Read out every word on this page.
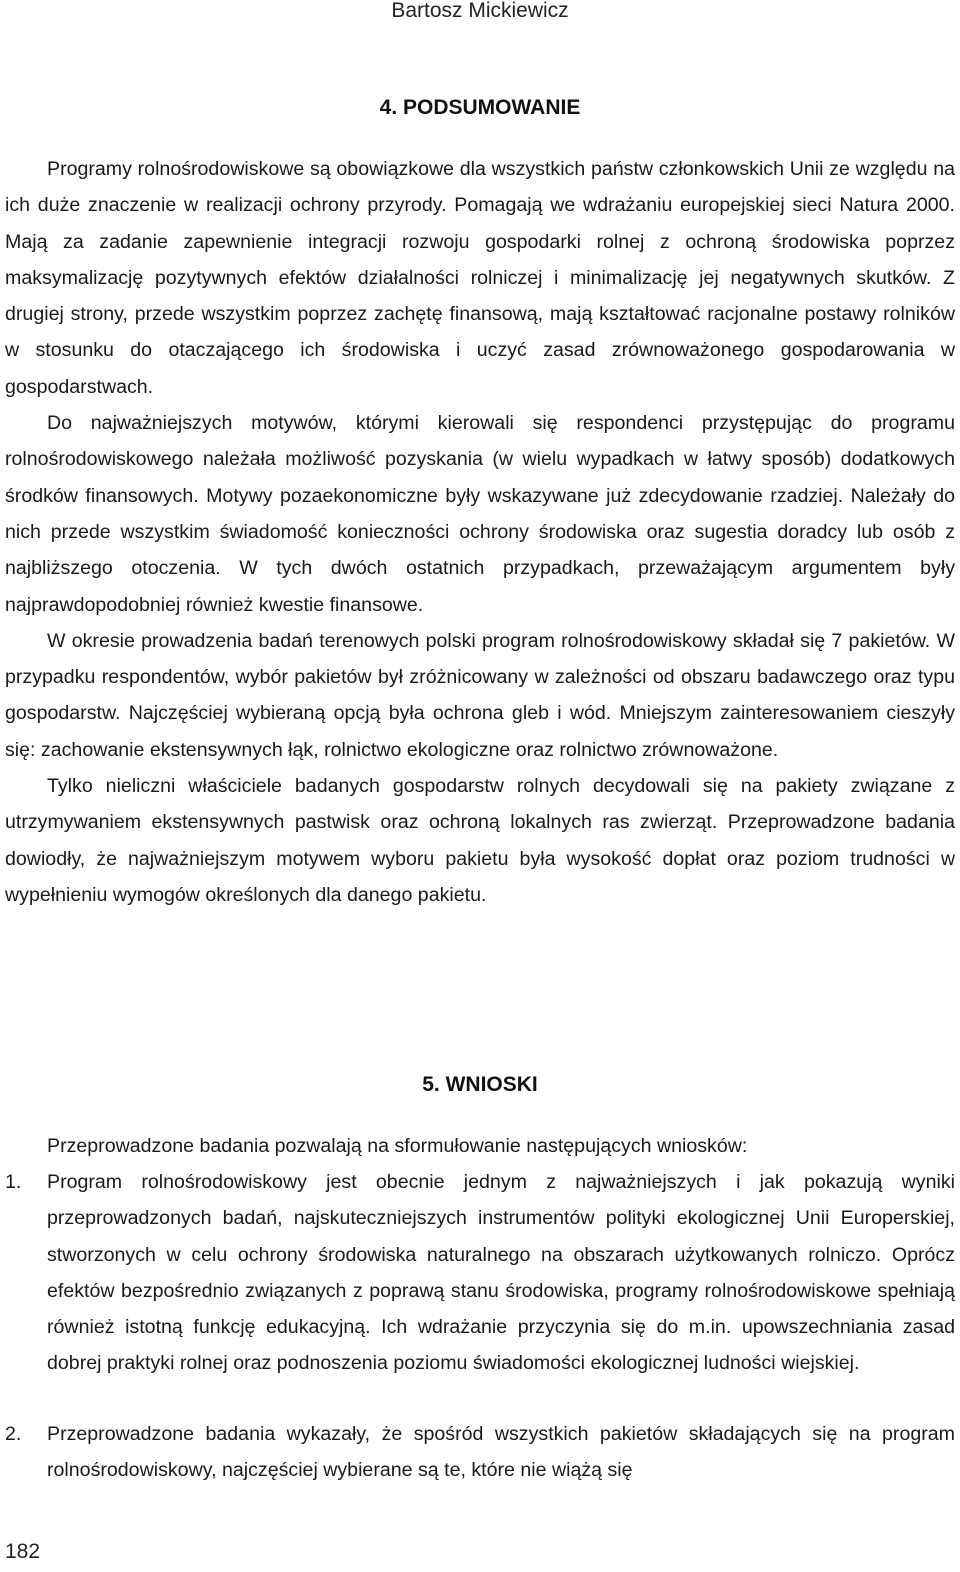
Bartosz Mickiewicz
4. PODSUMOWANIE

Programy rolnośrodowiskowe są obowiązkowe dla wszystkich państw członkowskich Unii ze względu na ich duże znaczenie w realizacji ochrony przyrody. Pomagają we wdrażaniu europejskiej sieci Natura 2000. Mają za zadanie zapewnienie integracji rozwoju gospodarki rolnej z ochroną środowiska poprzez maksymalizację pozytywnych efektów działalności rolniczej i minimalizację jej negatywnych skutków. Z drugiej strony, przede wszystkim poprzez zachętę finansową, mają kształtować racjonalne postawy rolników w stosunku do otaczającego ich środowiska i uczyć zasad zrównoważonego gospodarowania w gospodarstwach.

Do najważniejszych motywów, którymi kierowali się respondenci przystępując do programu rolnośrodowiskowego należała możliwość pozyskania (w wielu wypadkach w łatwy sposób) dodatkowych środków finansowych. Motywy pozaekonomiczne były wskazywane już zdecydowanie rzadziej. Należały do nich przede wszystkim świadomość konieczności ochrony środowiska oraz sugestia doradcy lub osób z najbliższego otoczenia. W tych dwóch ostatnich przypadkach, przeważającym argumentem były najprawdopodobniej również kwestie finansowe.

W okresie prowadzenia badań terenowych polski program rolnośrodowiskowy składał się 7 pakietów. W przypadku respondentów, wybór pakietów był zróżnicowany w zależności od obszaru badawczego oraz typu gospodarstw. Najczęściej wybieraną opcją była ochrona gleb i wód. Mniejszym zainteresowaniem cieszyły się: zachowanie ekstensywnych łąk, rolnictwo ekologiczne oraz rolnictwo zrównoważone.

Tylko nieliczni właściciele badanych gospodarstw rolnych decydowali się na pakiety związane z utrzymywaniem ekstensywnych pastwisk oraz ochroną lokalnych ras zwierząt. Przeprowadzone badania dowiodły, że najważniejszym motywem wyboru pakietu była wysokość dopłat oraz poziom trudności w wypełnieniu wymogów określonych dla danego pakietu.

5. WNIOSKI

Przeprowadzone badania pozwalają na sformułowanie następujących wniosków:

1. Program rolnośrodowiskowy jest obecnie jednym z najważniejszych i jak pokazują wyniki przeprowadzonych badań, najskuteczniejszych instrumentów polityki ekologicznej Unii Europerskiej, stworzonych w celu ochrony środowiska naturalnego na obszarach użytkowanych rolniczo. Oprócz efektów bezpośrednio związanych z poprawą stanu środowiska, programy rolnośrodowiskowe spełniają również istotną funkcję edukacyjną. Ich wdrażanie przyczynia się do m.in. upowszechniania zasad dobrej praktyki rolnej oraz podnoszenia poziomu świadomości ekologicznej ludności wiejskiej.
2. Przeprowadzone badania wykazały, że spośród wszystkich pakietów składających się na program rolnośrodowiskowy, najczęściej wybierane są te, które nie wiążą się
182
